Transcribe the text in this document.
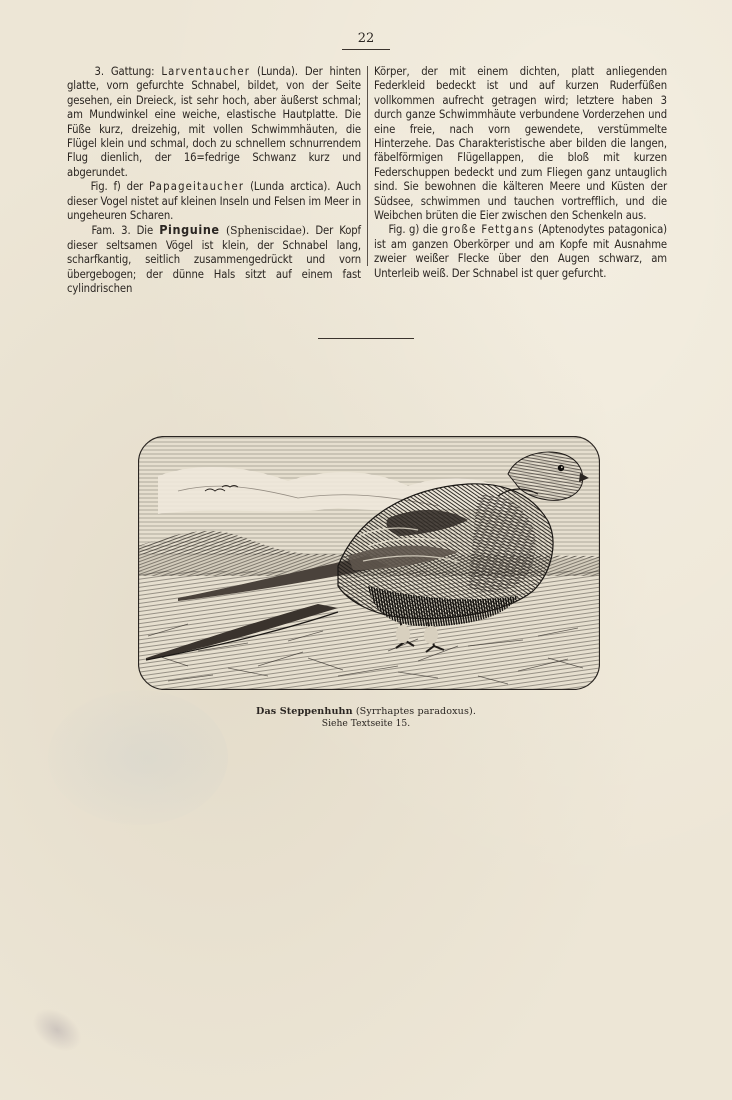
22

3. Gattung: Larventaucher (Lunda). Der hinten glatte, vorn gefurchte Schnabel, bildet, von der Seite gesehen, ein Dreieck, ist sehr hoch, aber äußerst schmal; am Mundwinkel eine weiche, elastische Hautplatte. Die Füße kurz, dreizehig, mit vollen Schwimmhäuten, die Flügel klein und schmal, doch zu schnellem schnurrendem Flug dienlich, der 16=fedrige Schwanz kurz und abgerundet.

Fig. f) der Papageitaucher (Lunda arctica). Auch dieser Vogel nistet auf kleinen Inseln und Felsen im Meer in ungeheuren Scharen.

Fam. 3. Die Pinguine (Spheniscidae). Der Kopf dieser seltsamen Vögel ist klein, der Schnabel lang, scharfkantig, seitlich zusammengedrückt und vorn übergebogen; der dünne Hals sitzt auf einem fast cylindrischen

Körper, der mit einem dichten, platt anliegenden Federkleid bedeckt ist und auf kurzen Ruderfüßen vollkommen aufrecht getragen wird; letztere haben 3 durch ganze Schwimmhäute verbundene Vorderzehen und eine freie, nach vorn gewendete, verstümmelte Hinterzehe. Das Charakteristische aber bilden die langen, fäbelförmigen Flügellappen, die bloß mit kurzen Federschuppen bedeckt und zum Fliegen ganz untauglich sind. Sie bewohnen die kälteren Meere und Küsten der Südsee, schwimmen und tauchen vortrefflich, und die Weibchen brüten die Eier zwischen den Schenkeln aus.

Fig. g) die große Fettgans (Aptenodytes patagonica) ist am ganzen Oberkörper und am Kopfe mit Ausnahme zweier weißer Flecke über den Augen schwarz, am Unterleib weiß. Der Schnabel ist quer gefurcht.

Das Steppenhuhn (Syrrhaptes paradoxus).
Siehe Textseite 15.
